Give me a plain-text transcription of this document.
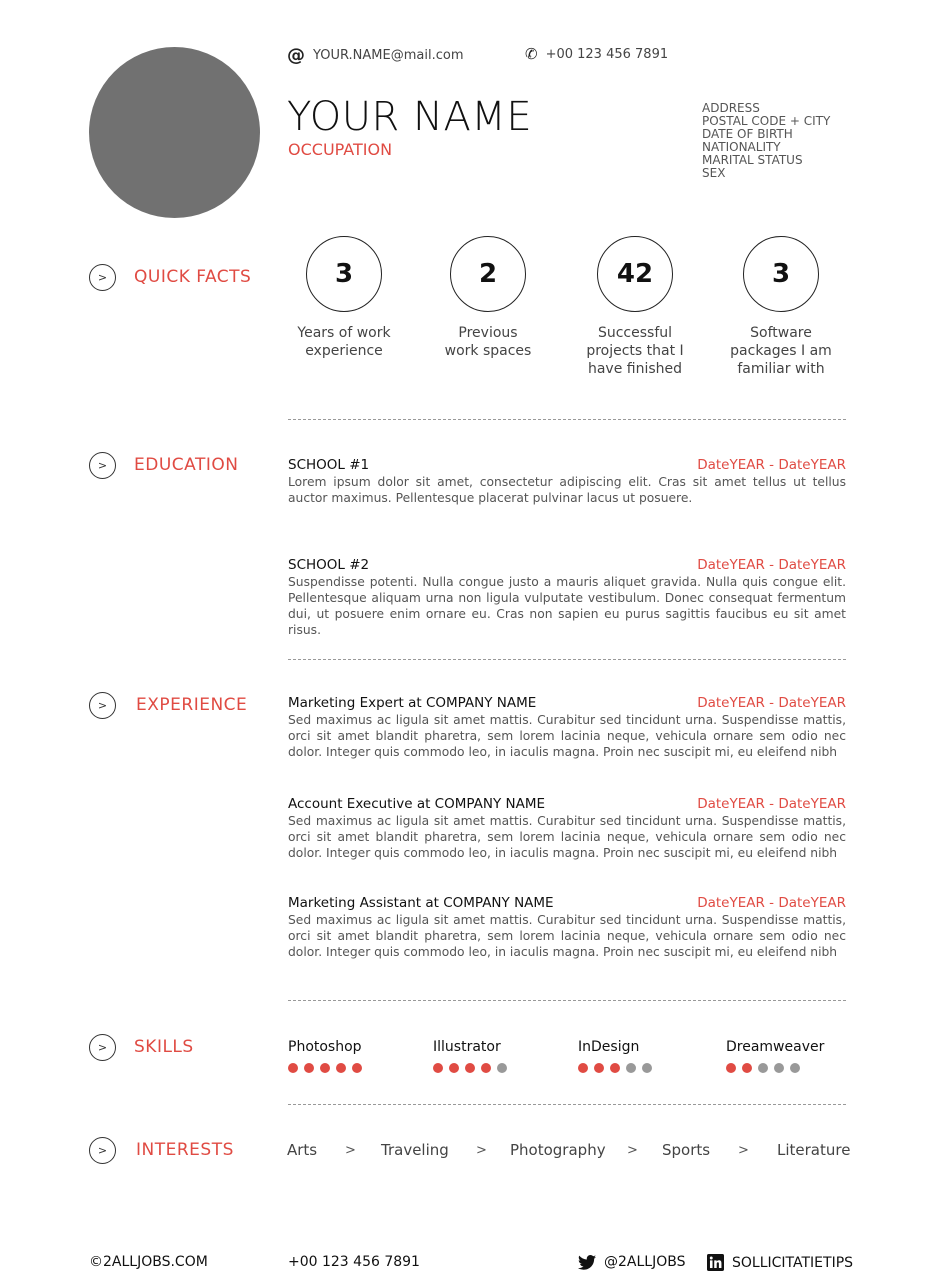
@ YOUR.NAME@mail.com	✆ +00 123 456 7891
YOUR NAME
OCCUPATION
ADDRESS
POSTAL CODE + CITY
DATE OF BIRTH
NATIONALITY
MARITAL STATUS
SEX
>	QUICK FACTS	3
Years of work experience
2
Previous work spaces
42
Successful projects that I have finished
3
Software packages I am familiar with
>	EDUCATION	SCHOOL #1	DateYEAR - DateYEAR
Lorem ipsum dolor sit amet, consectetur adipiscing elit. Cras sit amet tellus ut tellus auctor maximus. Pellentesque placerat pulvinar lacus ut posuere.
SCHOOL #2	DateYEAR - DateYEAR
Suspendisse potenti. Nulla congue justo a mauris aliquet gravida. Nulla quis congue elit. Pellentesque aliquam urna non ligula vulputate vestibulum. Donec consequat fermentum dui, ut posuere enim ornare eu. Cras non sapien eu purus sagittis faucibus eu sit amet risus.
>	EXPERIENCE	Marketing Expert at COMPANY NAME	DateYEAR - DateYEAR
Sed maximus ac ligula sit amet mattis. Curabitur sed tincidunt urna. Suspendisse mattis, orci sit amet blandit pharetra, sem lorem lacinia neque, vehicula ornare sem odio nec dolor. Integer quis commodo leo, in iaculis magna. Proin nec suscipit mi, eu eleifend nibh
Account Executive at COMPANY NAME	DateYEAR - DateYEAR
Sed maximus ac ligula sit amet mattis. Curabitur sed tincidunt urna. Suspendisse mattis, orci sit amet blandit pharetra, sem lorem lacinia neque, vehicula ornare sem odio nec dolor. Integer quis commodo leo, in iaculis magna. Proin nec suscipit mi, eu eleifend nibh
Marketing Assistant at COMPANY NAME	DateYEAR - DateYEAR
Sed maximus ac ligula sit amet mattis. Curabitur sed tincidunt urna. Suspendisse mattis, orci sit amet blandit pharetra, sem lorem lacinia neque, vehicula ornare sem odio nec dolor. Integer quis commodo leo, in iaculis magna. Proin nec suscipit mi, eu eleifend nibh
>	SKILLS	Photoshop	Illustrator	InDesign	Dreamweaver
>	INTERESTS	Arts > Traveling > Photography > Sports > Literature
©2ALLJOBS.COM	+00 123 456 7891	@2ALLJOBS	SOLLICITATIETIPS
